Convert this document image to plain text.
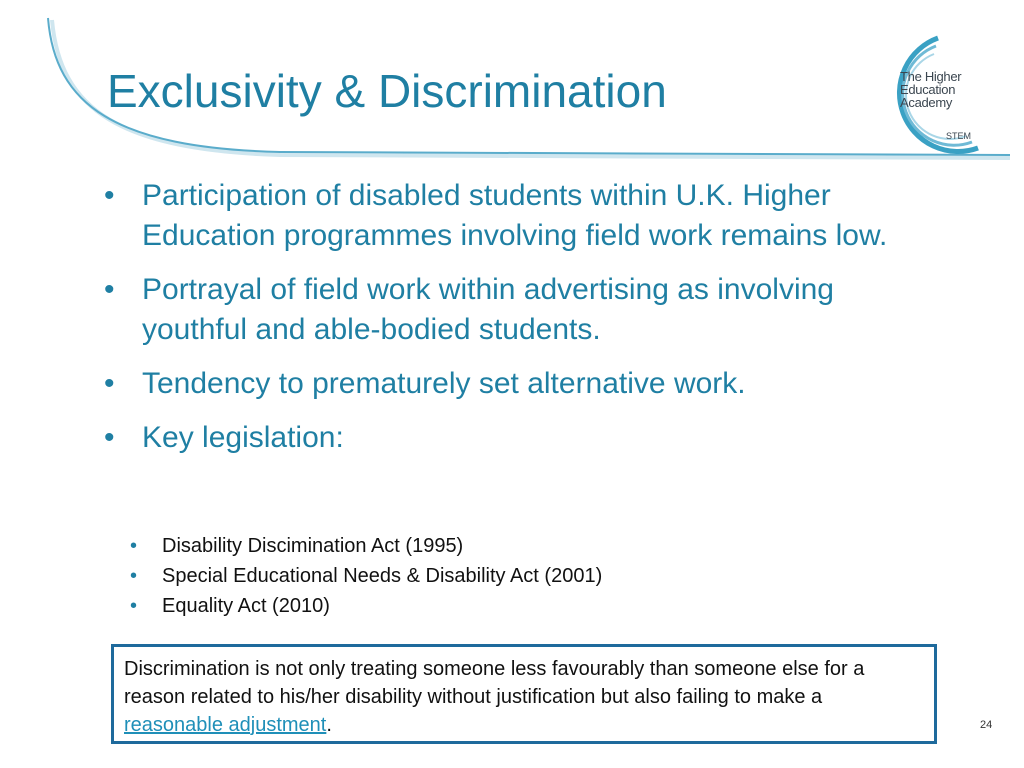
The Higher
Education
Academy
STEM
Exclusivity & Discrimination
• Participation of disabled students within U.K. Higher Education programmes involving field work remains low.
• Portrayal of field work within advertising as involving youthful and able-bodied students.
• Tendency to prematurely set alternative work.
• Key legislation:
• Disability Discimination Act (1995)
• Special Educational Needs & Disability Act (2001)
• Equality Act (2010)
Discrimination is not only treating someone less favourably than someone else for a reason related to his/her disability without justification but also failing to make a reasonable adjustment.	24
